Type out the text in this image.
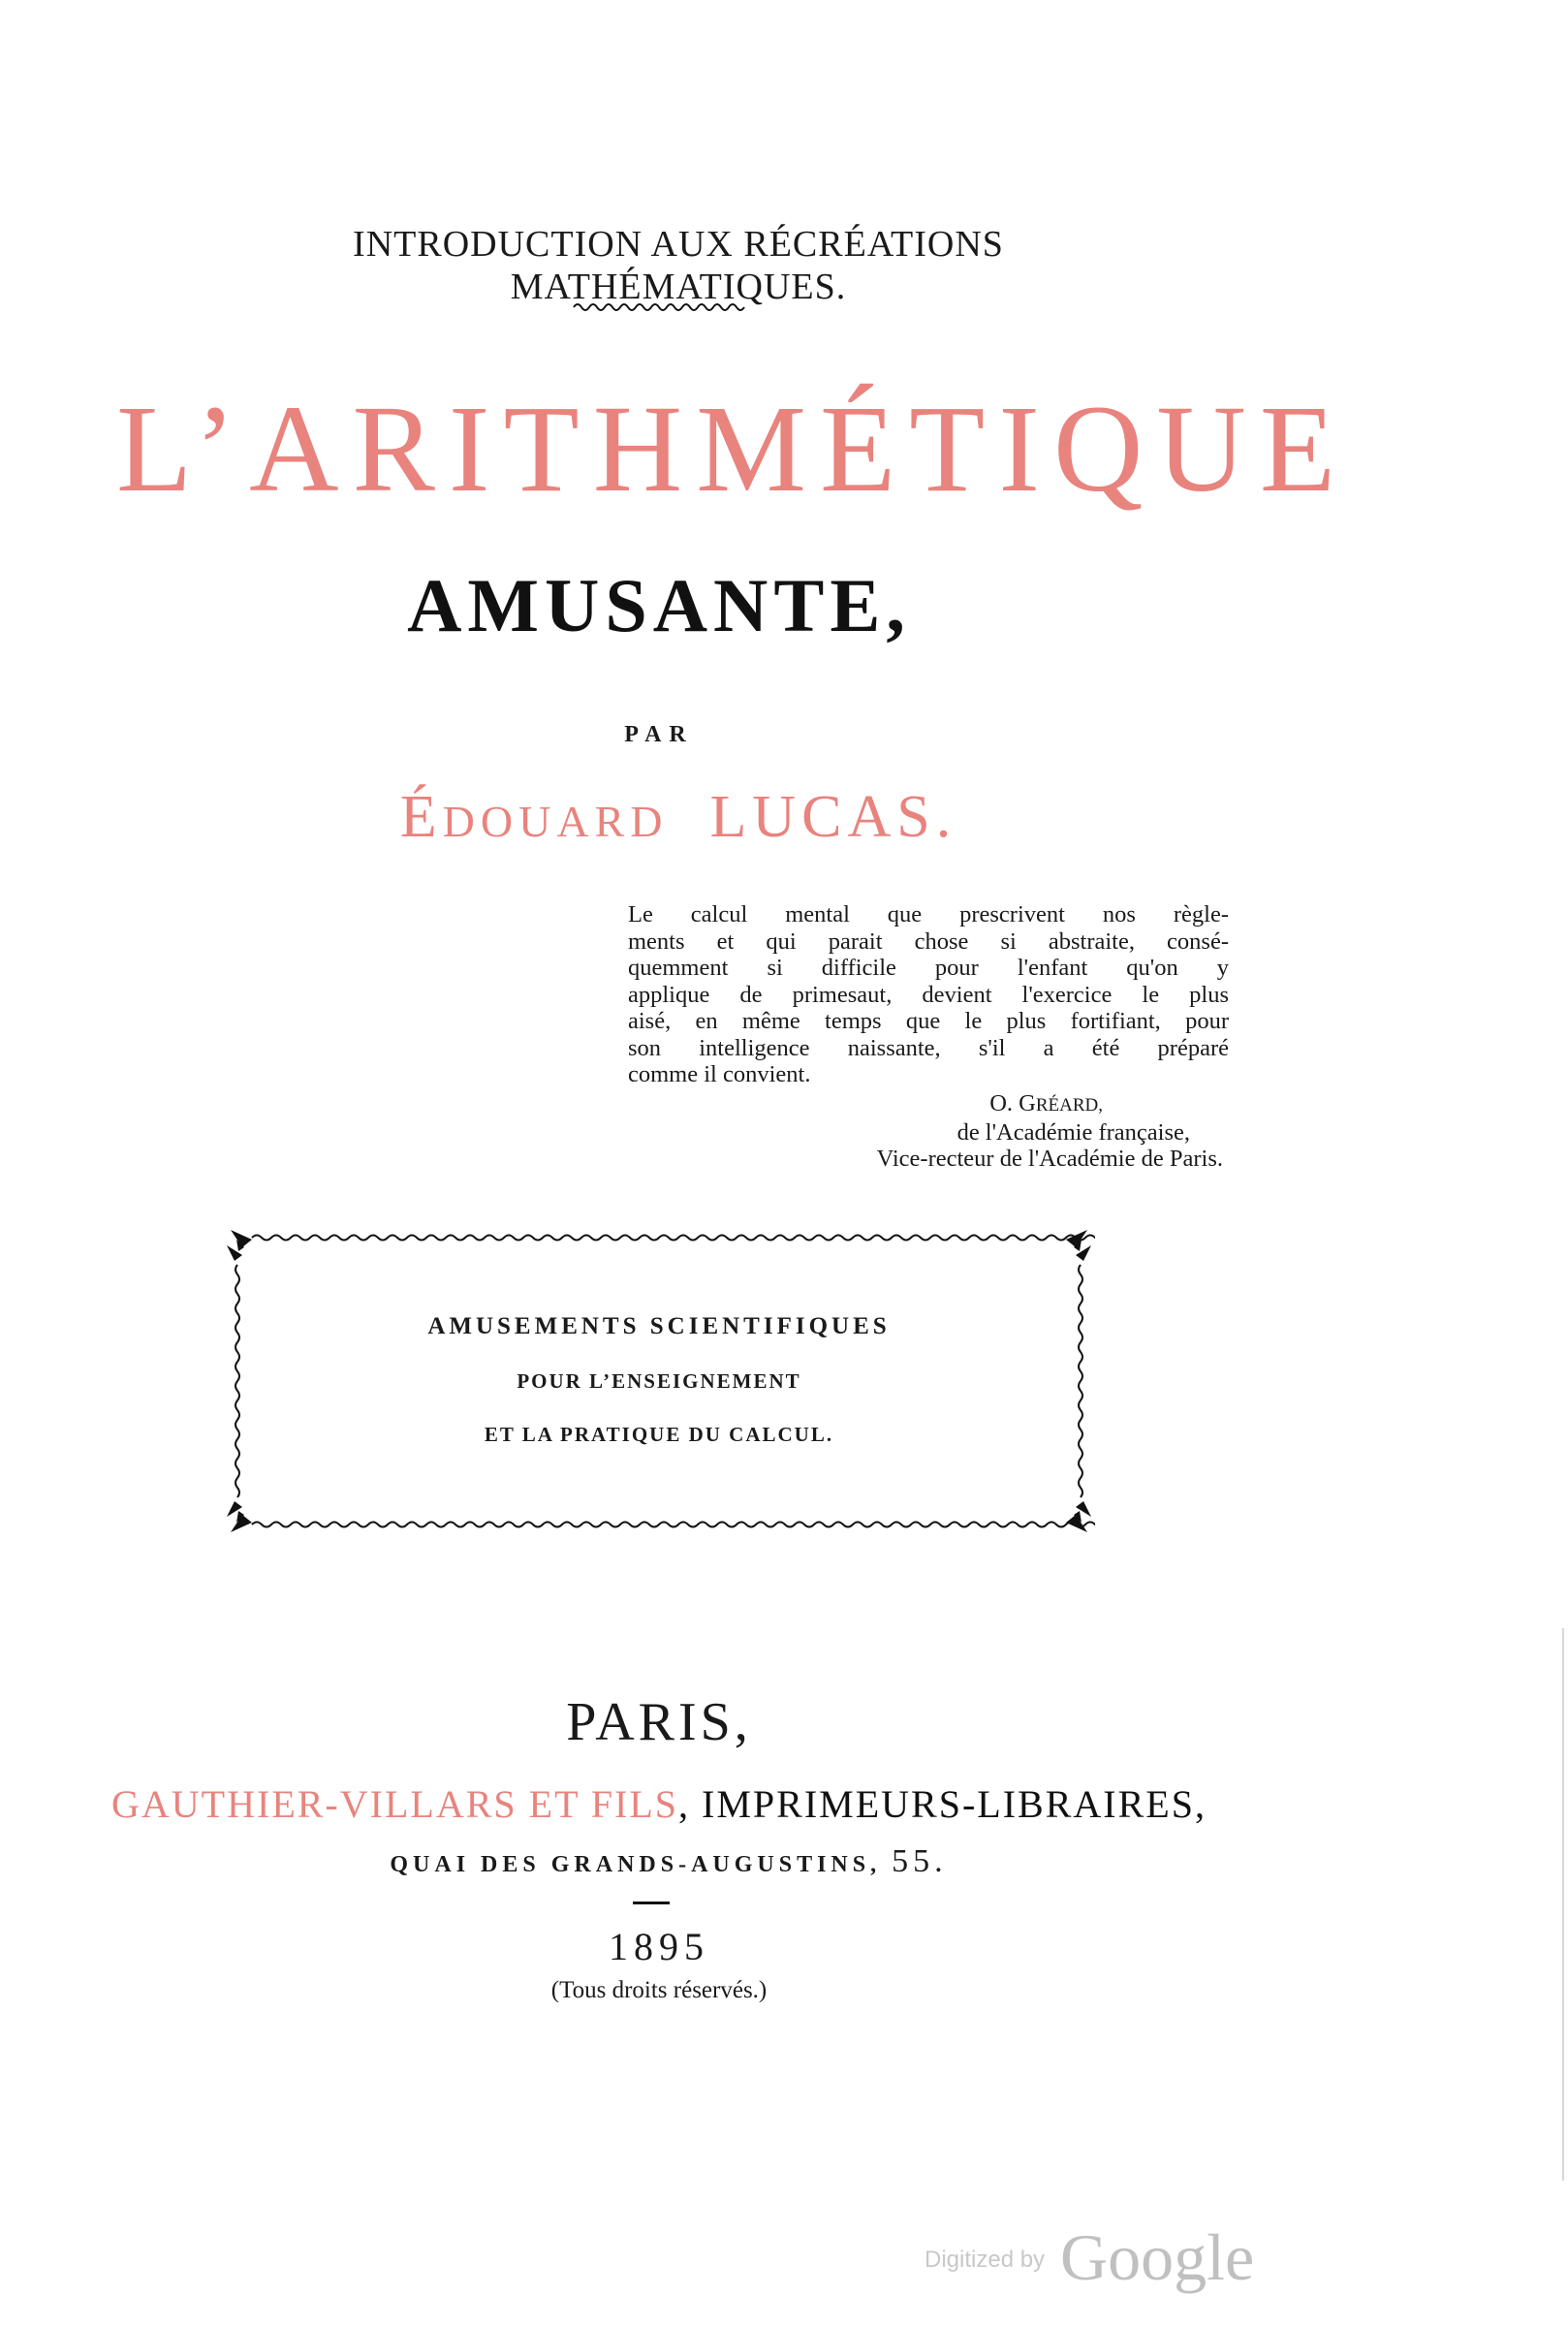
INTRODUCTION AUX RÉCRÉATIONS MATHÉMATIQUES.
L’ARITHMÉTIQUE
AMUSANTE,
PAR
ÉDOUARD LUCAS.
Le calcul mental que prescrivent nos règle-
ments et qui parait chose si abstraite, consé-
quemment si difficile pour l'enfant qu'on y
applique de primesaut, devient l'exercice le plus
aisé, en même temps que le plus fortifiant, pour
son intelligence naissante, s'il a été préparé
comme il convient.
O. GRÉARD,
de l'Académie française,
Vice-recteur de l'Académie de Paris.
AMUSEMENTS SCIENTIFIQUES
POUR L’ENSEIGNEMENT
ET LA PRATIQUE DU CALCUL.
PARIS,
GAUTHIER-VILLARS ET FILS, IMPRIMEURS-LIBRAIRES,
QUAI DES GRANDS-AUGUSTINS, 55.
1895
(Tous droits réservés.)
Digitized by Google
